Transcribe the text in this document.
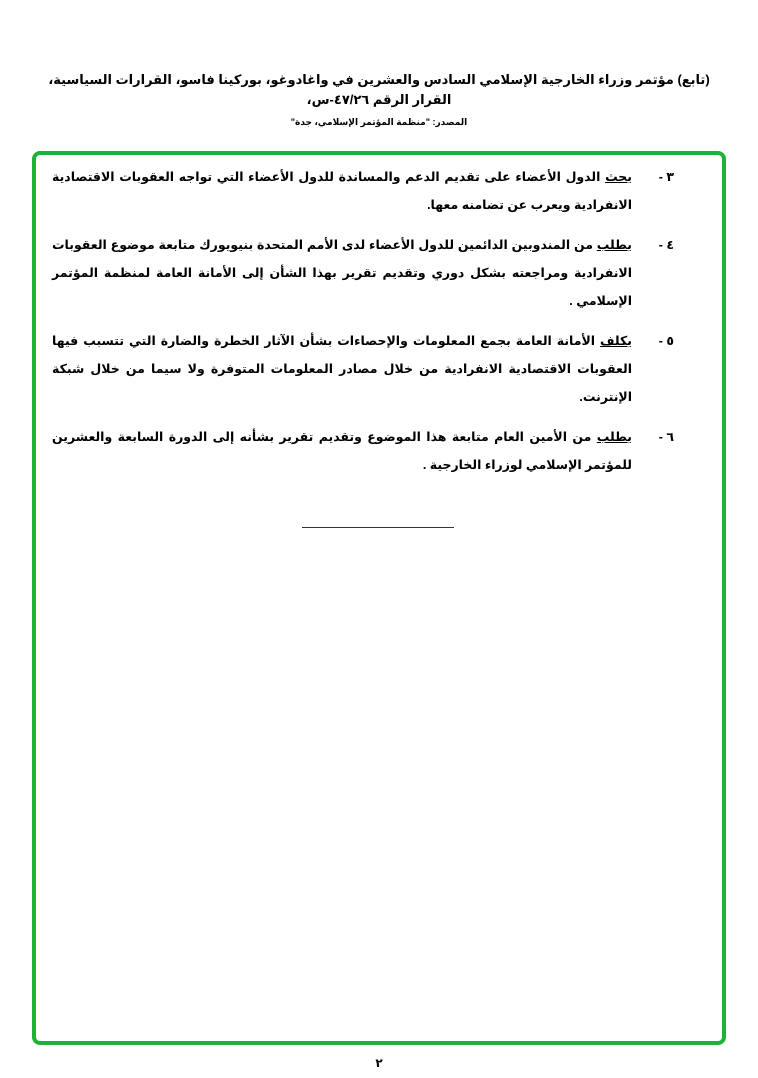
(تابع) مؤتمر وزراء الخارجية الإسلامي السادس والعشرين في واغادوغو، بوركينا فاسو، القرارات السياسية، القرار الرقم ٤٧/٢٦-س،
المصدر: "منظمة المؤتمر الإسلامي، جدة"
٣ -
يحث الدول الأعضاء على تقديم الدعم والمساندة للدول الأعضاء التي تواجه العقوبات الاقتصادية الانفرادية ويعرب عن تضامنه معها.
٤ -
يطلب من المندوبين الدائمين للدول الأعضاء لدى الأمم المتحدة بنيويورك متابعة موضوع العقوبات الانفرادية ومراجعته بشكل دوري وتقديم تقرير بهذا الشأن إلى الأمانة العامة لمنظمة المؤتمر الإسلامي .
٥ -
يكلف الأمانة العامة بجمع المعلومات والإحصاءات بشأن الآثار الخطرة والضارة التي تتسبب فيها العقوبات الاقتصادية الانفرادية من خلال مصادر المعلومات المتوفرة ولا سيما من خلال شبكة الإنترنت.
٦ -
يطلب من الأمين العام متابعة هذا الموضوع وتقديم تقرير بشأنه إلى الدورة السابعة والعشرين للمؤتمر الإسلامي لوزراء الخارجية .
٢
